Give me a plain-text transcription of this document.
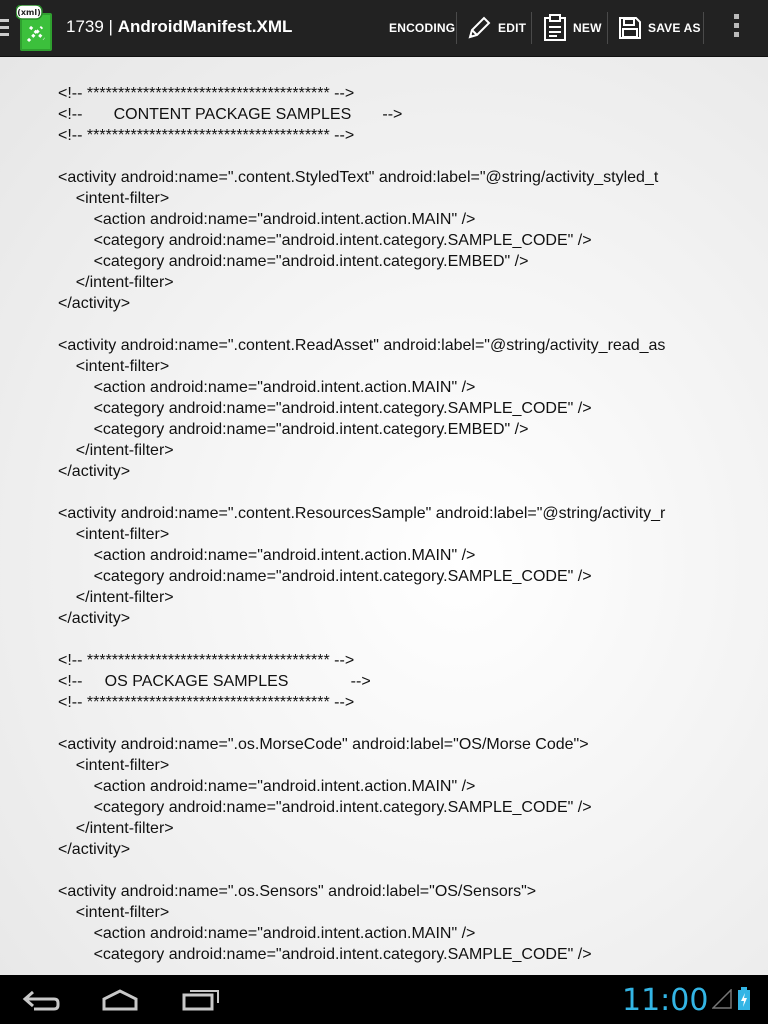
(xml)
1739 | AndroidManifest.XML	ENCODING	EDIT	NEW	SAVE AS
<!-- *************************************** -->
<!--       CONTENT PACKAGE SAMPLES       -->
<!-- *************************************** -->
<activity android:name=".content.StyledText" android:label="@string/activity_styled_t
<intent-filter>
<action android:name="android.intent.action.MAIN" />
<category android:name="android.intent.category.SAMPLE_CODE" />
<category android:name="android.intent.category.EMBED" />
</intent-filter>
</activity>
<activity android:name=".content.ReadAsset" android:label="@string/activity_read_as
<intent-filter>
<action android:name="android.intent.action.MAIN" />
<category android:name="android.intent.category.SAMPLE_CODE" />
<category android:name="android.intent.category.EMBED" />
</intent-filter>
</activity>
<activity android:name=".content.ResourcesSample" android:label="@string/activity_r
<intent-filter>
<action android:name="android.intent.action.MAIN" />
<category android:name="android.intent.category.SAMPLE_CODE" />
</intent-filter>
</activity>
<!-- *************************************** -->
<!--     OS PACKAGE SAMPLES              -->
<!-- *************************************** -->
<activity android:name=".os.MorseCode" android:label="OS/Morse Code">
<intent-filter>
<action android:name="android.intent.action.MAIN" />
<category android:name="android.intent.category.SAMPLE_CODE" />
</intent-filter>
</activity>
<activity android:name=".os.Sensors" android:label="OS/Sensors">
<intent-filter>
<action android:name="android.intent.action.MAIN" />
<category android:name="android.intent.category.SAMPLE_CODE" />
11:00
